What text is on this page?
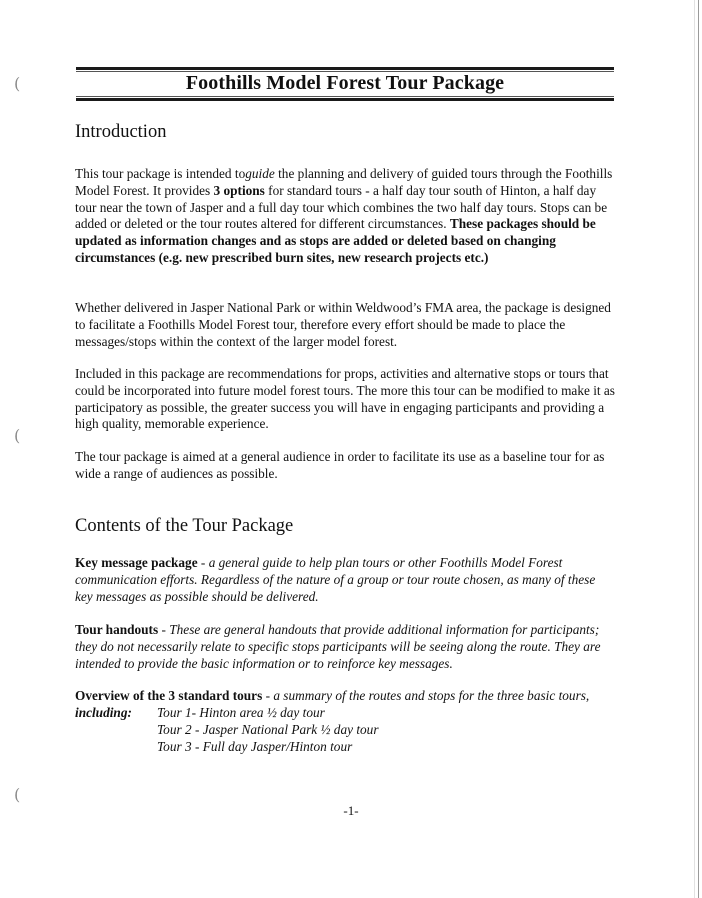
(
(
(
Foothills Model Forest Tour Package
Introduction

This tour package is intended toguide the planning and delivery of guided tours through the Foothills Model Forest. It provides 3 options for standard tours - a half day tour south of Hinton, a half day tour near the town of Jasper and a full day tour which combines the two half day tours. Stops can be added or deleted or the tour routes altered for different circumstances. These packages should be updated as information changes and as stops are added or deleted based on changing circumstances (e.g. new prescribed burn sites, new research projects etc.)

Whether delivered in Jasper National Park or within Weldwood’s FMA area, the package is designed to facilitate a Foothills Model Forest tour, therefore every effort should be made to place the messages/stops within the context of the larger model forest.

Included in this package are recommendations for props, activities and alternative stops or tours that could be incorporated into future model forest tours. The more this tour can be modified to make it as participatory as possible, the greater success you will have in engaging participants and providing a high quality, memorable experience.

The tour package is aimed at a general audience in order to facilitate its use as a baseline tour for as wide a range of audiences as possible.

Contents of the Tour Package

Key message package - a general guide to help plan tours or other Foothills Model Forest communication efforts. Regardless of the nature of a group or tour route chosen, as many of these key messages as possible should be delivered.

Tour handouts - These are general handouts that provide additional information for participants; they do not necessarily relate to specific stops participants will be seeing along the route. They are intended to provide the basic information or to reinforce key messages.

Overview of the 3 standard tours - a summary of the routes and stops for the three basic tours,

including:	Tour 1- Hinton area ½ day tour
Tour 2 - Jasper National Park ½ day tour
Tour 3 - Full day Jasper/Hinton tour
-1-
